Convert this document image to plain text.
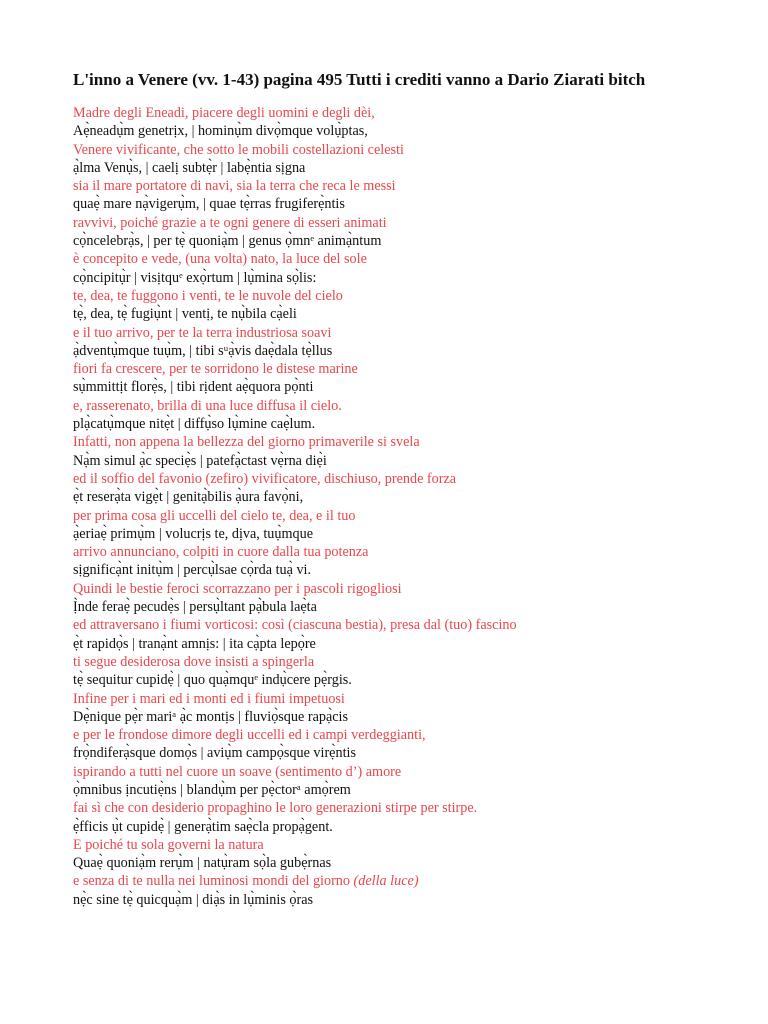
L'inno a Venere (vv. 1-43) pagina 495 Tutti i crediti vanno a Dario Ziarati bitch
Madre degli Eneadi, piacere degli uomini e degli dèi,
Aẹ̀neadụ̀m genetrịx, | hominụ̀m divọ̀mque volụ̀ptas,
Venere vivificante, che sotto le mobili costellazioni celesti
ạ̀lma Venụ̀s, | caelị subtẹ̀r | labẹ̀ntia sịgna
sia il mare portatore di navi, sia la terra che reca le messi
quaẹ̀ mare nạ̀vigerụ̀m, | quae tẹ̀rras frugiferẹ̀ntis
ravvivi, poiché grazie a te ogni genere di esseri animati
cọ̀ncelebrạ̀s, | per tẹ̀ quoniạ̀m | genus ọ̀mnᵉ animạ̀ntum
è concepito e vede, (una volta) nato, la luce del sole
cọ̀ncipitụ̀r | visịtquᵉ exọ̀rtum | lụ̀mina sọ̀lis:
te, dea, te fuggono i venti, te le nuvole del cielo
tẹ̀, dea, tẹ̀ fugiụ̀nt | ventị, te nụ̀bila cạ̀eli
e il tuo arrivo, per te la terra industriosa soavi
ạ̀dventụ̀mque tuụ̀m, | tibi sᵘạ̀vis daẹ̀dala tẹ̀llus
fiori fa crescere, per te sorridono le distese marine
sụ̀mmittịt florẹ̀s, | tibi rịdent aẹ̀quora pọ̀nti
e, rasserenato, brilla di una luce diffusa il cielo.
plạ̀catụ̀mque nitẹ̀t | diffụ̀so lụ̀mine caẹ̀lum.
Infatti, non appena la bellezza del giorno primaverile si svela
Nạ̀m simul ạ̀c speciẹ̀s | patefạ̀ctast vẹ̀rna diẹ̀i
ed il soffio del favonio (zefiro) vivificatore, dischiuso, prende forza
ẹ̀t reserạ̀ta vigẹ̀t | genitạ̀bilis ạ̀ura favọ̀ni,
per prima cosa gli uccelli del cielo te, dea, e il tuo
ạ̀eriaẹ̀ primụ̀m | volucrịs te, dịva, tuụ̀mque
arrivo annunciano, colpiti in cuore dalla tua potenza
sịgnificạ̀nt initụ̀m | percụ̀lsae cọ̀rda tuạ̀ vi.
Quindi le bestie feroci scorrazzano per i pascoli rigogliosi
Ị̀nde feraẹ̀ pecudẹ̀s | persụ̀ltant pạ̀bula laẹ̀ta
ed attraversano i fiumi vorticosi: così (ciascuna bestia), presa dal (tuo) fascino
ẹ̀t rapidọ̀s | tranạ̀nt amnịs: | ita cạ̀pta lepọ̀re
ti segue desiderosa dove insisti a spingerla
tẹ̀ sequitur cupidẹ̀ | quo quạ̀mquᵉ indụ̀cere pẹ̀rgis.
Infine per i mari ed i monti ed i fiumi impetuosi
Dẹ̀nique pẹ̀r mariᵃ ạ̀c montịs | fluviọ̀sque rapạ̀cis
e per le frondose dimore degli uccelli ed i campi verdeggianti,
frọ̀ndiferạ̀sque domọ̀s | aviụ̀m campọ̀sque virẹ̀ntis
ispirando a tutti nel cuore un soave (sentimento d’) amore
ọ̀mnibus ịncutiẹ̀ns | blandụ̀m per pẹ̀ctorᵃ amọ̀rem
fai sì che con desiderio propaghino le loro generazioni stirpe per stirpe.
ẹ̀fficis ụ̀t cupidẹ̀ | generạ̀tim saẹ̀cla propạ̀gent.
E poiché tu sola governi la natura
Quaẹ̀ quoniạ̀m rerụ̀m | natụ̀ram sọ̀la gubẹ̀rnas
e senza di te nulla nei luminosi mondi del giorno (della luce)
nẹ̀c sine tẹ̀ quicquạ̀m | diạ̀s in lụ̀minis ọ̀ras
